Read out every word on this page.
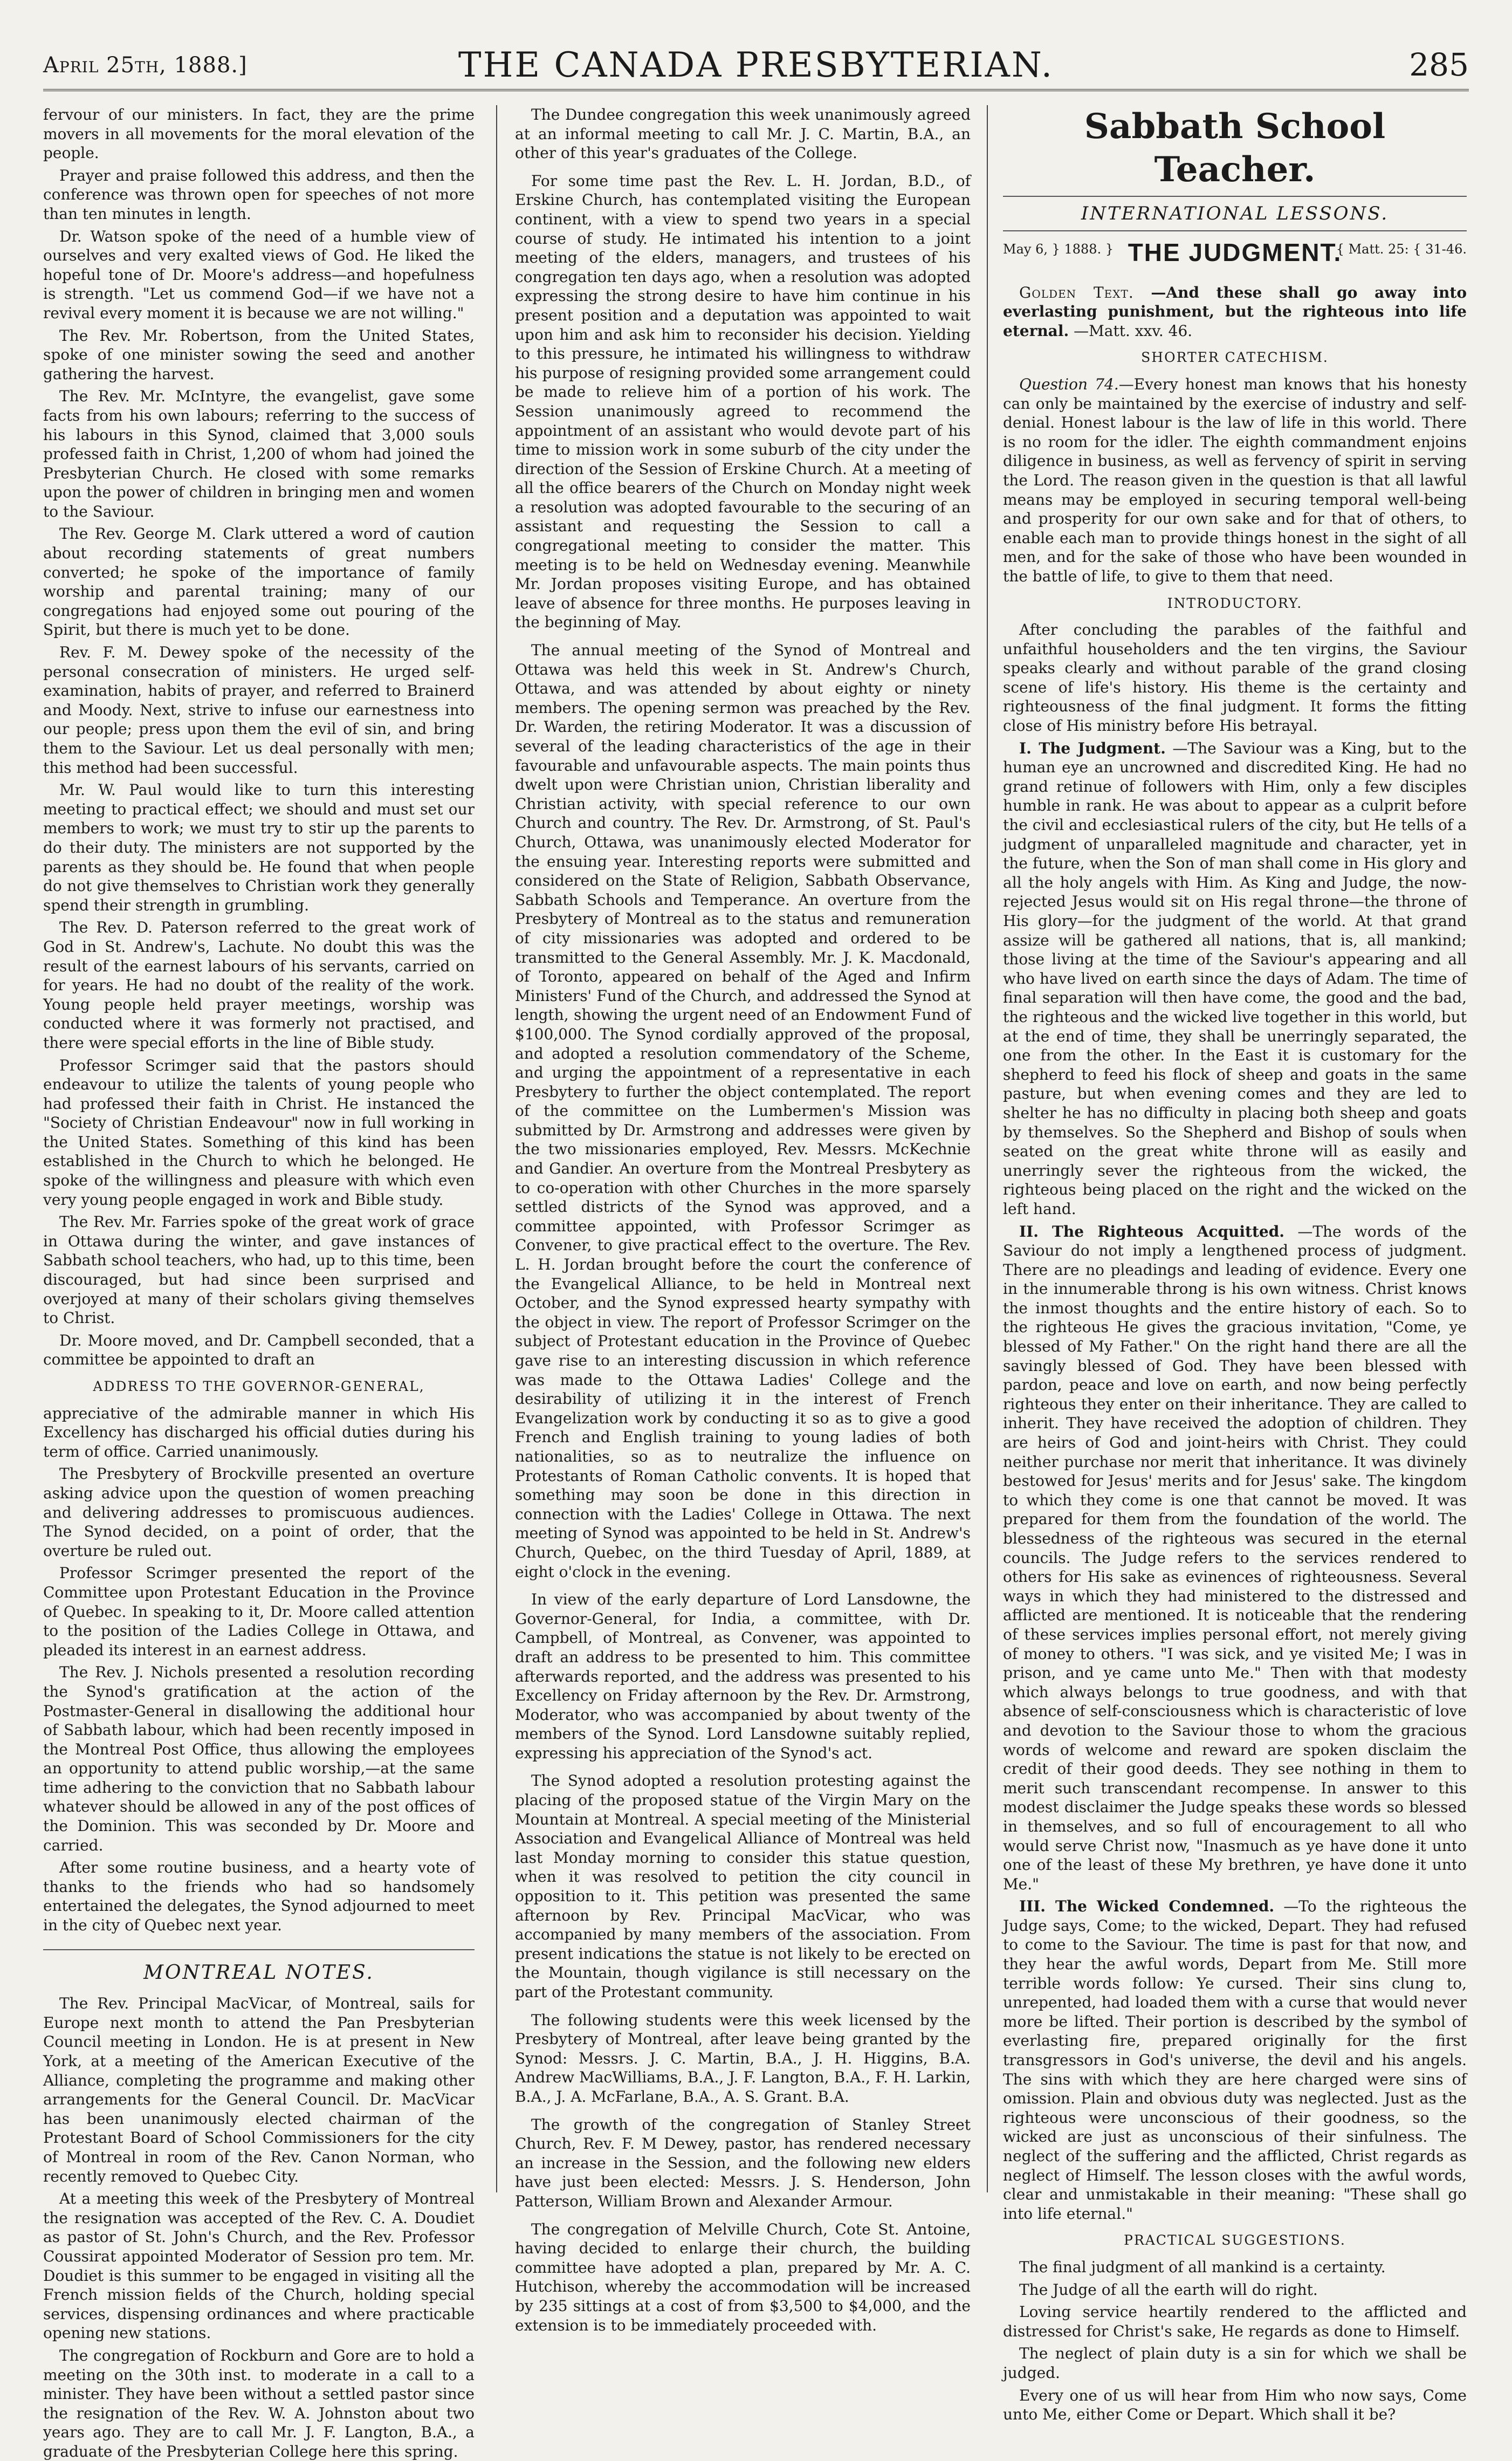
April 25th, 1888.]	THE CANADA PRESBYTERIAN.	285

fervour of our ministers. In fact, they are the prime movers in all movements for the moral elevation of the people.

Prayer and praise followed this address, and then the conference was thrown open for speeches of not more than ten minutes in length.

Dr. Watson spoke of the need of a humble view of ourselves and very exalted views of God. He liked the hopeful tone of Dr. Moore's address—and hopefulness is strength. "Let us commend God—if we have not a revival every moment it is because we are not willing."

The Rev. Mr. Robertson, from the United States, spoke of one minister sowing the seed and another gathering the harvest.

The Rev. Mr. McIntyre, the evangelist, gave some facts from his own labours; referring to the success of his labours in this Synod, claimed that 3,000 souls professed faith in Christ, 1,200 of whom had joined the Presbyterian Church. He closed with some remarks upon the power of children in bringing men and women to the Saviour.

The Rev. George M. Clark uttered a word of caution about recording statements of great numbers converted; he spoke of the importance of family worship and parental training; many of our congregations had enjoyed some out pouring of the Spirit, but there is much yet to be done.

Rev. F. M. Dewey spoke of the necessity of the personal consecration of ministers. He urged self-examination, habits of prayer, and referred to Brainerd and Moody. Next, strive to infuse our earnestness into our people; press upon them the evil of sin, and bring them to the Saviour. Let us deal personally with men; this method had been successful.

Mr. W. Paul would like to turn this interesting meeting to practical effect; we should and must set our members to work; we must try to stir up the parents to do their duty. The ministers are not supported by the parents as they should be. He found that when people do not give themselves to Christian work they generally spend their strength in grumbling.

The Rev. D. Paterson referred to the great work of God in St. Andrew's, Lachute. No doubt this was the result of the earnest labours of his servants, carried on for years. He had no doubt of the reality of the work. Young people held prayer meetings, worship was conducted where it was formerly not practised, and there were special efforts in the line of Bible study.

Professor Scrimger said that the pastors should endeavour to utilize the talents of young people who had professed their faith in Christ. He instanced the "Society of Christian Endeavour" now in full working in the United States. Something of this kind has been established in the Church to which he belonged. He spoke of the willingness and pleasure with which even very young people engaged in work and Bible study.

The Rev. Mr. Farries spoke of the great work of grace in Ottawa during the winter, and gave instances of Sabbath school teachers, who had, up to this time, been discouraged, but had since been surprised and overjoyed at many of their scholars giving themselves to Christ.

Dr. Moore moved, and Dr. Campbell seconded, that a committee be appointed to draft an

ADDRESS TO THE GOVERNOR-GENERAL,

appreciative of the admirable manner in which His Excellency has discharged his official duties during his term of office. Carried unanimously.

The Presbytery of Brockville presented an overture asking advice upon the question of women preaching and delivering addresses to promiscuous audiences. The Synod decided, on a point of order, that the overture be ruled out.

Professor Scrimger presented the report of the Committee upon Protestant Education in the Province of Quebec. In speaking to it, Dr. Moore called attention to the position of the Ladies College in Ottawa, and pleaded its interest in an earnest address.

The Rev. J. Nichols presented a resolution recording the Synod's gratification at the action of the Postmaster-General in disallowing the additional hour of Sabbath labour, which had been recently imposed in the Montreal Post Office, thus allowing the employees an opportunity to attend public worship,—at the same time adhering to the conviction that no Sabbath labour whatever should be allowed in any of the post offices of the Dominion. This was seconded by Dr. Moore and carried.

After some routine business, and a hearty vote of thanks to the friends who had so handsomely entertained the delegates, the Synod adjourned to meet in the city of Quebec next year.

MONTREAL NOTES.

The Rev. Principal MacVicar, of Montreal, sails for Europe next month to attend the Pan Presbyterian Council meeting in London. He is at present in New York, at a meeting of the American Executive of the Alliance, completing the programme and making other arrangements for the General Council. Dr. MacVicar has been unanimously elected chairman of the Protestant Board of School Commissioners for the city of Montreal in room of the Rev. Canon Norman, who recently removed to Quebec City.

At a meeting this week of the Presbytery of Montreal the resignation was accepted of the Rev. C. A. Doudiet as pastor of St. John's Church, and the Rev. Professor Coussirat appointed Moderator of Session pro tem. Mr. Doudiet is this summer to be engaged in visiting all the French mission fields of the Church, holding special services, dispensing ordinances and where practicable opening new stations.

The congregation of Rockburn and Gore are to hold a meeting on the 30th inst. to moderate in a call to a minister. They have been without a settled pastor since the resignation of the Rev. W. A. Johnston about two years ago. They are to call Mr. J. F. Langton, B.A., a graduate of the Presbyterian College here this spring.

The Dundee congregation this week unanimously agreed at an informal meeting to call Mr. J. C. Martin, B.A., an other of this year's graduates of the College.

For some time past the Rev. L. H. Jordan, B.D., of Erskine Church, has contemplated visiting the European continent, with a view to spend two years in a special course of study. He intimated his intention to a joint meeting of the elders, managers, and trustees of his congregation ten days ago, when a resolution was adopted expressing the strong desire to have him continue in his present position and a deputation was appointed to wait upon him and ask him to reconsider his decision. Yielding to this pressure, he intimated his willingness to withdraw his purpose of resigning provided some arrangement could be made to relieve him of a portion of his work. The Session unanimously agreed to recommend the appointment of an assistant who would devote part of his time to mission work in some suburb of the city under the direction of the Session of Erskine Church. At a meeting of all the office bearers of the Church on Monday night week a resolution was adopted favourable to the securing of an assistant and requesting the Session to call a congregational meeting to consider the matter. This meeting is to be held on Wednesday evening. Meanwhile Mr. Jordan proposes visiting Europe, and has obtained leave of absence for three months. He purposes leaving in the beginning of May.

The annual meeting of the Synod of Montreal and Ottawa was held this week in St. Andrew's Church, Ottawa, and was attended by about eighty or ninety members. The opening sermon was preached by the Rev. Dr. Warden, the retiring Moderator. It was a discussion of several of the leading characteristics of the age in their favourable and unfavourable aspects. The main points thus dwelt upon were Christian union, Christian liberality and Christian activity, with special reference to our own Church and country. The Rev. Dr. Armstrong, of St. Paul's Church, Ottawa, was unanimously elected Moderator for the ensuing year. Interesting reports were submitted and considered on the State of Religion, Sabbath Observance, Sabbath Schools and Temperance. An overture from the Presbytery of Montreal as to the status and remuneration of city missionaries was adopted and ordered to be transmitted to the General Assembly. Mr. J. K. Macdonald, of Toronto, appeared on behalf of the Aged and Infirm Ministers' Fund of the Church, and addressed the Synod at length, showing the urgent need of an Endowment Fund of $100,000. The Synod cordially approved of the proposal, and adopted a resolution commendatory of the Scheme, and urging the appointment of a representative in each Presbytery to further the object contemplated. The report of the committee on the Lumbermen's Mission was submitted by Dr. Armstrong and addresses were given by the two missionaries employed, Rev. Messrs. McKechnie and Gandier. An overture from the Montreal Presbytery as to co-operation with other Churches in the more sparsely settled districts of the Synod was approved, and a committee appointed, with Professor Scrimger as Convener, to give practical effect to the overture. The Rev. L. H. Jordan brought before the court the conference of the Evangelical Alliance, to be held in Montreal next October, and the Synod expressed hearty sympathy with the object in view. The report of Professor Scrimger on the subject of Protestant education in the Province of Quebec gave rise to an interesting discussion in which reference was made to the Ottawa Ladies' College and the desirability of utilizing it in the interest of French Evangelization work by conducting it so as to give a good French and English training to young ladies of both nationalities, so as to neutralize the influence on Protestants of Roman Catholic convents. It is hoped that something may soon be done in this direction in connection with the Ladies' College in Ottawa. The next meeting of Synod was appointed to be held in St. Andrew's Church, Quebec, on the third Tuesday of April, 1889, at eight o'clock in the evening.

In view of the early departure of Lord Lansdowne, the Governor-General, for India, a committee, with Dr. Campbell, of Montreal, as Convener, was appointed to draft an address to be presented to him. This committee afterwards reported, and the address was presented to his Excellency on Friday afternoon by the Rev. Dr. Armstrong, Moderator, who was accompanied by about twenty of the members of the Synod. Lord Lansdowne suitably replied, expressing his appreciation of the Synod's act.

The Synod adopted a resolution protesting against the placing of the proposed statue of the Virgin Mary on the Mountain at Montreal. A special meeting of the Ministerial Association and Evangelical Alliance of Montreal was held last Monday morning to consider this statue question, when it was resolved to petition the city council in opposition to it. This petition was presented the same afternoon by Rev. Principal MacVicar, who was accompanied by many members of the association. From present indications the statue is not likely to be erected on the Mountain, though vigilance is still necessary on the part of the Protestant community.

The following students were this week licensed by the Presbytery of Montreal, after leave being granted by the Synod: Messrs. J. C. Martin, B.A., J. H. Higgins, B.A. Andrew MacWilliams, B.A., J. F. Langton, B.A., F. H. Larkin, B.A., J. A. McFarlane, B.A., A. S. Grant. B.A.

The growth of the congregation of Stanley Street Church, Rev. F. M Dewey, pastor, has rendered necessary an increase in the Session, and the following new elders have just been elected: Messrs. J. S. Henderson, John Patterson, William Brown and Alexander Armour.

The congregation of Melville Church, Cote St. Antoine, having decided to enlarge their church, the building committee have adopted a plan, prepared by Mr. A. C. Hutchison, whereby the accommodation will be increased by 235 sittings at a cost of from $3,500 to $4,000, and the extension is to be immediately proceeded with.

Sabbath School Teacher.
INTERNATIONAL LESSONS.
May 6, } 1888. } THE JUDGMENT.
{ Matt. 25: { 31-46.

Golden Text. —And these shall go away into everlasting punishment, but the righteous into life eternal. —Matt. xxv. 46.

SHORTER CATECHISM.

Question 74.—Every honest man knows that his honesty can only be maintained by the exercise of industry and self-denial. Honest labour is the law of life in this world. There is no room for the idler. The eighth commandment enjoins diligence in business, as well as fervency of spirit in serving the Lord. The reason given in the question is that all lawful means may be employed in securing temporal well-being and prosperity for our own sake and for that of others, to enable each man to provide things honest in the sight of all men, and for the sake of those who have been wounded in the battle of life, to give to them that need.

INTRODUCTORY.

After concluding the parables of the faithful and unfaithful householders and the ten virgins, the Saviour speaks clearly and without parable of the grand closing scene of life's history. His theme is the certainty and righteousness of the final judgment. It forms the fitting close of His ministry before His betrayal.

I. The Judgment. —The Saviour was a King, but to the human eye an uncrowned and discredited King. He had no grand retinue of followers with Him, only a few disciples humble in rank. He was about to appear as a culprit before the civil and ecclesiastical rulers of the city, but He tells of a judgment of unparalleled magnitude and character, yet in the future, when the Son of man shall come in His glory and all the holy angels with Him. As King and Judge, the now-rejected Jesus would sit on His regal throne—the throne of His glory—for the judgment of the world. At that grand assize will be gathered all nations, that is, all mankind; those living at the time of the Saviour's appearing and all who have lived on earth since the days of Adam. The time of final separation will then have come, the good and the bad, the righteous and the wicked live together in this world, but at the end of time, they shall be unerringly separated, the one from the other. In the East it is customary for the shepherd to feed his flock of sheep and goats in the same pasture, but when evening comes and they are led to shelter he has no difficulty in placing both sheep and goats by themselves. So the Shepherd and Bishop of souls when seated on the great white throne will as easily and unerringly sever the righteous from the wicked, the righteous being placed on the right and the wicked on the left hand.

II. The Righteous Acquitted. —The words of the Saviour do not imply a lengthened process of judgment. There are no pleadings and leading of evidence. Every one in the innumerable throng is his own witness. Christ knows the inmost thoughts and the entire history of each. So to the righteous He gives the gracious invitation, "Come, ye blessed of My Father." On the right hand there are all the savingly blessed of God. They have been blessed with pardon, peace and love on earth, and now being perfectly righteous they enter on their inheritance. They are called to inherit. They have received the adoption of children. They are heirs of God and joint-heirs with Christ. They could neither purchase nor merit that inheritance. It was divinely bestowed for Jesus' merits and for Jesus' sake. The kingdom to which they come is one that cannot be moved. It was prepared for them from the foundation of the world. The blessedness of the righteous was secured in the eternal councils. The Judge refers to the services rendered to others for His sake as evinences of righteousness. Several ways in which they had ministered to the distressed and afflicted are mentioned. It is noticeable that the rendering of these services implies personal effort, not merely giving of money to others. "I was sick, and ye visited Me; I was in prison, and ye came unto Me." Then with that modesty which always belongs to true goodness, and with that absence of self-consciousness which is characteristic of love and devotion to the Saviour those to whom the gracious words of welcome and reward are spoken disclaim the credit of their good deeds. They see nothing in them to merit such transcendant recompense. In answer to this modest disclaimer the Judge speaks these words so blessed in themselves, and so full of encouragement to all who would serve Christ now, "Inasmuch as ye have done it unto one of the least of these My brethren, ye have done it unto Me."

III. The Wicked Condemned. —To the righteous the Judge says, Come; to the wicked, Depart. They had refused to come to the Saviour. The time is past for that now, and they hear the awful words, Depart from Me. Still more terrible words follow: Ye cursed. Their sins clung to, unrepented, had loaded them with a curse that would never more be lifted. Their portion is described by the symbol of everlasting fire, prepared originally for the first transgressors in God's universe, the devil and his angels. The sins with which they are here charged were sins of omission. Plain and obvious duty was neglected. Just as the righteous were unconscious of their goodness, so the wicked are just as unconscious of their sinfulness. The neglect of the suffering and the afflicted, Christ regards as neglect of Himself. The lesson closes with the awful words, clear and unmistakable in their meaning: "These shall go into life eternal."

PRACTICAL SUGGESTIONS.

The final judgment of all mankind is a certainty.

The Judge of all the earth will do right.

Loving service heartily rendered to the afflicted and distressed for Christ's sake, He regards as done to Himself.

The neglect of plain duty is a sin for which we shall be judged.

Every one of us will hear from Him who now says, Come unto Me, either Come or Depart. Which shall it be?
